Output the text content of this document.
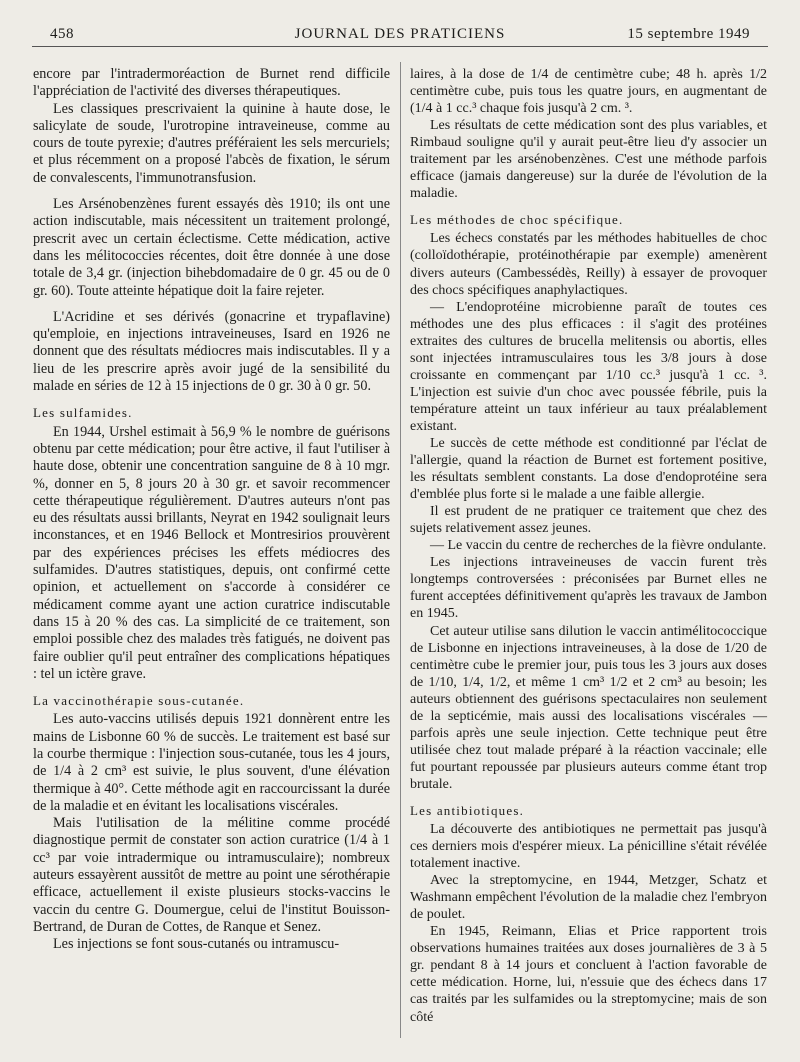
458	JOURNAL DES PRATICIENS	15 septembre 1949

encore par l'intradermoréaction de Burnet rend difficile l'appréciation de l'activité des diverses thérapeutiques.

Les classiques prescrivaient la quinine à haute dose, le salicylate de soude, l'urotropine intraveineuse, comme au cours de toute pyrexie; d'autres préféraient les sels mercuriels; et plus récemment on a proposé l'abcès de fixation, le sérum de convalescents, l'immunotransfusion.

Les Arsénobenzènes furent essayés dès 1910; ils ont une action indiscutable, mais nécessitent un traitement prolongé, prescrit avec un certain éclectisme. Cette médication, active dans les mélitococcies récentes, doit être donnée à une dose totale de 3,4 gr. (injection bihebdomadaire de 0 gr. 45 ou de 0 gr. 60). Toute atteinte hépatique doit la faire rejeter.

L'Acridine et ses dérivés (gonacrine et trypaflavine) qu'emploie, en injections intraveineuses, Isard en 1926 ne donnent que des résultats médiocres mais indiscutables. Il y a lieu de les prescrire après avoir jugé de la sensibilité du malade en séries de 12 à 15 injections de 0 gr. 30 à 0 gr. 50.

Les sulfamides.

En 1944, Urshel estimait à 56,9 % le nombre de guérisons obtenu par cette médication; pour être active, il faut l'utiliser à haute dose, obtenir une concentration sanguine de 8 à 10 mgr. %, donner en 5, 8 jours 20 à 30 gr. et savoir recommencer cette thérapeutique régulièrement. D'autres auteurs n'ont pas eu des résultats aussi brillants, Neyrat en 1942 soulignait leurs inconstances, et en 1946 Bellock et Montresirios prouvèrent par des expériences précises les effets médiocres des sulfamides. D'autres statistiques, depuis, ont confirmé cette opinion, et actuellement on s'accorde à considérer ce médicament comme ayant une action curatrice indiscutable dans 15 à 20 % des cas. La simplicité de ce traitement, son emploi possible chez des malades très fatigués, ne doivent pas faire oublier qu'il peut entraîner des complications hépatiques : tel un ictère grave.

La vaccinothérapie sous-cutanée.

Les auto-vaccins utilisés depuis 1921 donnèrent entre les mains de Lisbonne 60 % de succès. Le traitement est basé sur la courbe thermique : l'injection sous-cutanée, tous les 4 jours, de 1/4 à 2 cm³ est suivie, le plus souvent, d'une élévation thermique à 40°. Cette méthode agit en raccourcissant la durée de la maladie et en évitant les localisations viscérales.

Mais l'utilisation de la mélitine comme procédé diagnostique permit de constater son action curatrice (1/4 à 1 cc³ par voie intradermique ou intramusculaire); nombreux auteurs essayèrent aussitôt de mettre au point une sérothérapie efficace, actuellement il existe plusieurs stocks-vaccins le vaccin du centre G. Doumergue, celui de l'institut Bouisson-Bertrand, de Duran de Cottes, de Ranque et Senez.

Les injections se font sous-cutanés ou intramuscu-

laires, à la dose de 1/4 de centimètre cube; 48 h. après 1/2 centimètre cube, puis tous les quatre jours, en augmentant de (1/4 à 1 cc.³ chaque fois jusqu'à 2 cm. ³.

Les résultats de cette médication sont des plus variables, et Rimbaud souligne qu'il y aurait peut-être lieu d'y associer un traitement par les arsénobenzènes. C'est une méthode parfois efficace (jamais dangereuse) sur la durée de l'évolution de la maladie.

Les méthodes de choc spécifique.

Les échecs constatés par les méthodes habituelles de choc (colloïdothérapie, protéinothérapie par exemple) amenèrent divers auteurs (Cambessédès, Reilly) à essayer de provoquer des chocs spécifiques anaphylactiques.

— L'endoprotéine microbienne paraît de toutes ces méthodes une des plus efficaces : il s'agit des protéines extraites des cultures de brucella melitensis ou abortis, elles sont injectées intramusculaires tous les 3/8 jours à dose croissante en commençant par 1/10 cc.³ jusqu'à 1 cc. ³. L'injection est suivie d'un choc avec poussée fébrile, puis la température atteint un taux inférieur au taux préalablement existant.

Le succès de cette méthode est conditionné par l'éclat de l'allergie, quand la réaction de Burnet est fortement positive, les résultats semblent constants. La dose d'endoprotéine sera d'emblée plus forte si le malade a une faible allergie.

Il est prudent de ne pratiquer ce traitement que chez des sujets relativement assez jeunes.

— Le vaccin du centre de recherches de la fièvre ondulante.

Les injections intraveineuses de vaccin furent très longtemps controversées : préconisées par Burnet elles ne furent acceptées définitivement qu'après les travaux de Jambon en 1945.

Cet auteur utilise sans dilution le vaccin antimélitococcique de Lisbonne en injections intraveineuses, à la dose de 1/20 de centimètre cube le premier jour, puis tous les 3 jours aux doses de 1/10, 1/4, 1/2, et même 1 cm³ 1/2 et 2 cm³ au besoin; les auteurs obtiennent des guérisons spectaculaires non seulement de la septicémie, mais aussi des localisations viscérales — parfois après une seule injection. Cette technique peut être utilisée chez tout malade préparé à la réaction vaccinale; elle fut pourtant repoussée par plusieurs auteurs comme étant trop brutale.

Les antibiotiques.

La découverte des antibiotiques ne permettait pas jusqu'à ces derniers mois d'espérer mieux. La pénicilline s'était révélée totalement inactive.

Avec la streptomycine, en 1944, Metzger, Schatz et Washmann empêchent l'évolution de la maladie chez l'embryon de poulet.

En 1945, Reimann, Elias et Price rapportent trois observations humaines traitées aux doses journalières de 3 à 5 gr. pendant 8 à 14 jours et concluent à l'action favorable de cette médication. Horne, lui, n'essuie que des échecs dans 17 cas traités par les sulfamides ou la streptomycine; mais de son côté
